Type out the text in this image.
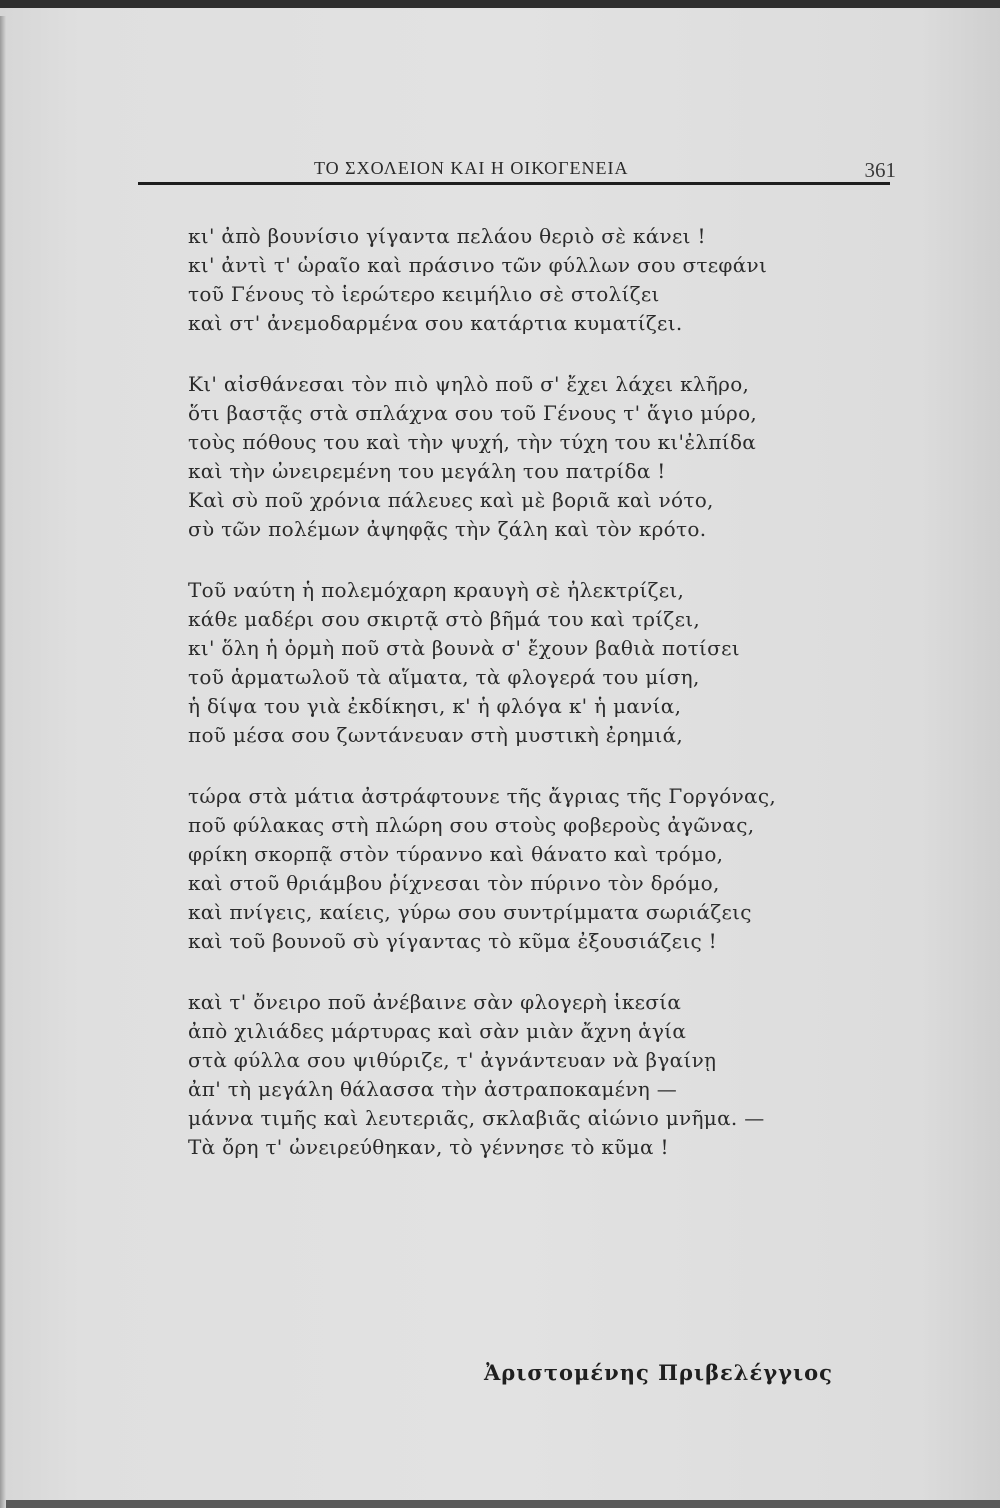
ΤΟ ΣΧΟΛΕΙΟΝ ΚΑΙ Η ΟΙΚΟΓΕΝΕΙΑ	361
κι' ἀπὸ βουνίσιο γίγαντα πελάου θεριὸ σὲ κάνει !
κι' ἀντὶ τ' ὡραῖο καὶ πράσινο τῶν φύλλων σου στεφάνι
τοῦ Γένους τὸ ἱερώτερο κειμήλιο σὲ στολίζει
καὶ στ' ἀνεμοδαρμένα σου κατάρτια κυματίζει.
Κι' αἰσθάνεσαι τὸν πιὸ ψηλὸ ποῦ σ' ἔχει λάχει κλῆρο,
ὅτι βαστᾷς στὰ σπλάχνα σου τοῦ Γένους τ' ἅγιο μύρο,
τοὺς πόθους του καὶ τὴν ψυχή, τὴν τύχη του κι'ἐλπίδα
καὶ τὴν ὠνειρεμένη του μεγάλη του πατρίδα !
Καὶ σὺ ποῦ χρόνια πάλευες καὶ μὲ βοριᾶ καὶ νότο,
σὺ τῶν πολέμων ἀψηφᾷς τὴν ζάλη καὶ τὸν κρότο.
Τοῦ ναύτη ἡ πολεμόχαρη κραυγὴ σὲ ἠλεκτρίζει,
κάθε μαδέρι σου σκιρτᾷ στὸ βῆμά του καὶ τρίζει,
κι' ὅλη ἡ ὁρμὴ ποῦ στὰ βουνὰ σ' ἔχουν βαθιὰ ποτίσει
τοῦ ἁρματωλοῦ τὰ αἵματα, τὰ φλογερά του μίση,
ἡ δίψα του γιὰ ἐκδίκησι, κ' ἡ φλόγα κ' ἡ μανία,
ποῦ μέσα σου ζωντάνευαν στὴ μυστικὴ ἐρημιά,
τώρα στὰ μάτια ἀστράφτουνε τῆς ἄγριας τῆς Γοργόνας,
ποῦ φύλακας στὴ πλώρη σου στοὺς φοβεροὺς ἀγῶνας,
φρίκη σκορπᾷ στὸν τύραννο καὶ θάνατο καὶ τρόμο,
καὶ στοῦ θριάμβου ῥίχνεσαι τὸν πύρινο τὸν δρόμο,
καὶ πνίγεις, καίεις, γύρω σου συντρίμματα σωριάζεις
καὶ τοῦ βουνοῦ σὺ γίγαντας τὸ κῦμα ἐξουσιάζεις !
καὶ τ' ὄνειρο ποῦ ἀνέβαινε σὰν φλογερὴ ἱκεσία
ἀπὸ χιλιάδες μάρτυρας καὶ σὰν μιὰν ἄχνη ἁγία
στὰ φύλλα σου ψιθύριζε, τ' ἀγνάντευαν νὰ βγαίνῃ
ἀπ' τὴ μεγάλη θάλασσα τὴν ἀστραποκαμένη —
μάννα τιμῆς καὶ λευτεριᾶς, σκλαβιᾶς αἰώνιο μνῆμα. —
Τὰ ὄρη τ' ὠνειρεύθηκαν, τὸ γέννησε τὸ κῦμα !
Ἀριστομένης Πριβελέγγιος
